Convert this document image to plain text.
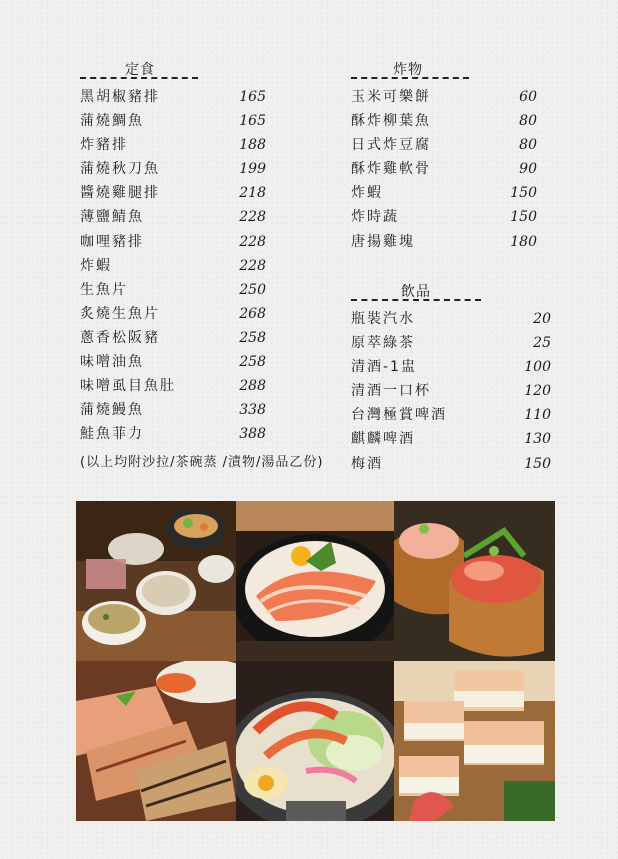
定食
黑胡椒豬排	165
蒲燒鯛魚	165
炸豬排	188
蒲燒秋刀魚	199
醬燒雞腿排	218
薄鹽鯖魚	228
咖哩豬排	228
炸蝦	228
生魚片	250
炙燒生魚片	268
蔥香松阪豬	258
味噌油魚	258
味噌虱目魚肚	288
蒲燒鰻魚	338
鮭魚菲力	388
(以上均附沙拉/茶碗蒸 /漬物/湯品乙份)
炸物
玉米可樂餅	60
酥炸柳葉魚	80
日式炸豆腐	80
酥炸雞軟骨	90
炸蝦	150
炸時蔬	150
唐揚雞塊	180
飲品
瓶裝汽水	20
原萃綠茶	25
清酒-1盅	100
清酒一口杯	120
台灣極賞啤酒	110
麒麟啤酒	130
梅酒	150
